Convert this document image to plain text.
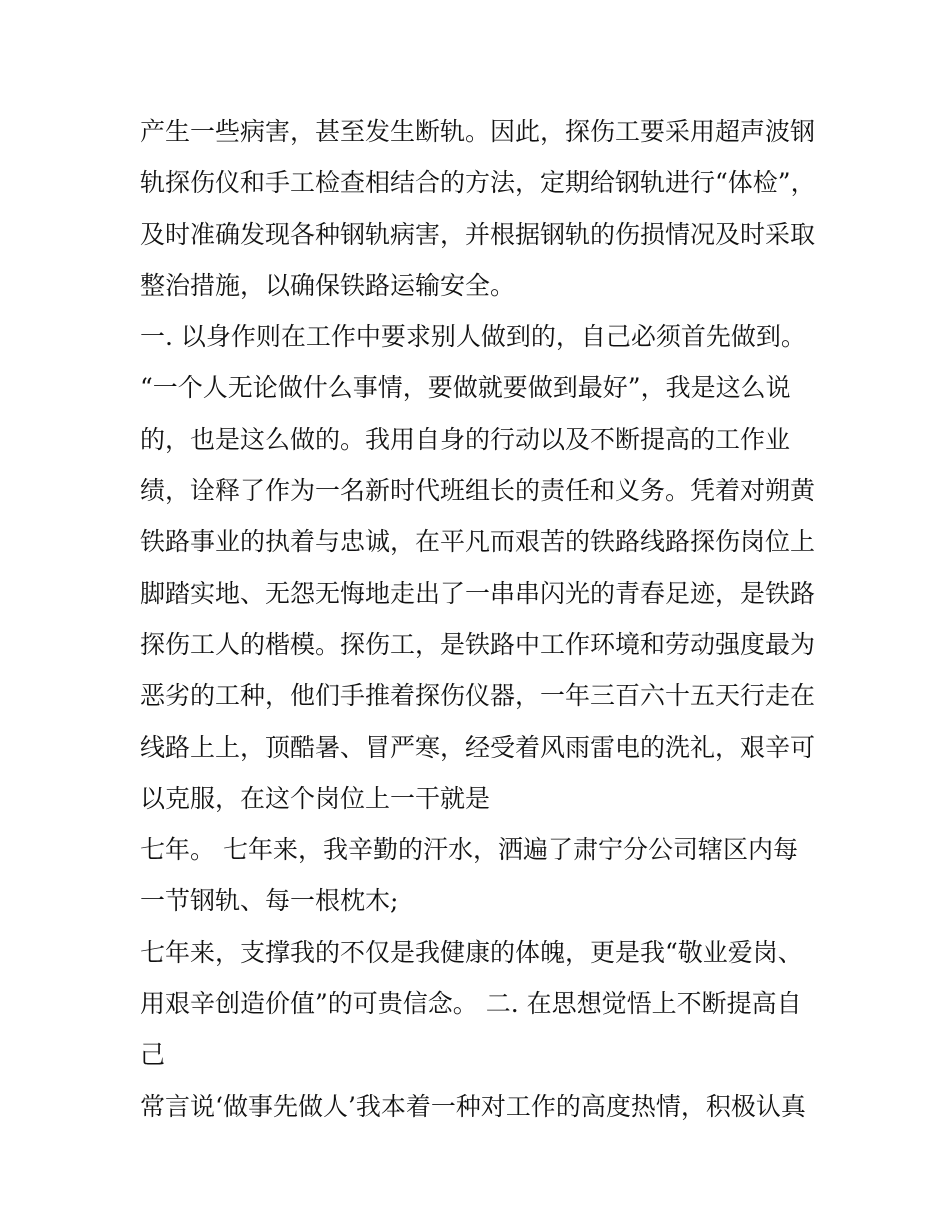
产生一些病害，甚至发生断轨。因此，探伤工要采用超声波钢
轨探伤仪和手工检查相结合的方法，定期给钢轨进行“体检”，
及时准确发现各种钢轨病害，并根据钢轨的伤损情况及时采取
整治措施，以确保铁路运输安全。
一. 以身作则在工作中要求别人做到的，自己必须首先做到。
“一个人无论做什么事情，要做就要做到最好”，我是这么说
的，也是这么做的。我用自身的行动以及不断提高的工作业
绩，诠释了作为一名新时代班组长的责任和义务。凭着对朔黄
铁路事业的执着与忠诚，在平凡而艰苦的铁路线路探伤岗位上
脚踏实地、无怨无悔地走出了一串串闪光的青春足迹，是铁路
探伤工人的楷模。探伤工，是铁路中工作环境和劳动强度最为
恶劣的工种，他们手推着探伤仪器，一年三百六十五天行走在
线路上上，顶酷暑、冒严寒，经受着风雨雷电的洗礼，艰辛可
以克服，在这个岗位上一干就是
七年。 七年来，我辛勤的汗水，洒遍了肃宁分公司辖区内每
一节钢轨、每一根枕木;
七年来，支撑我的不仅是我健康的体魄，更是我“敬业爱岗、
用艰辛创造价值”的可贵信念。 二. 在思想觉悟上不断提高自
己
常言说‘做事先做人’我本着一种对工作的高度热情，积极认真
